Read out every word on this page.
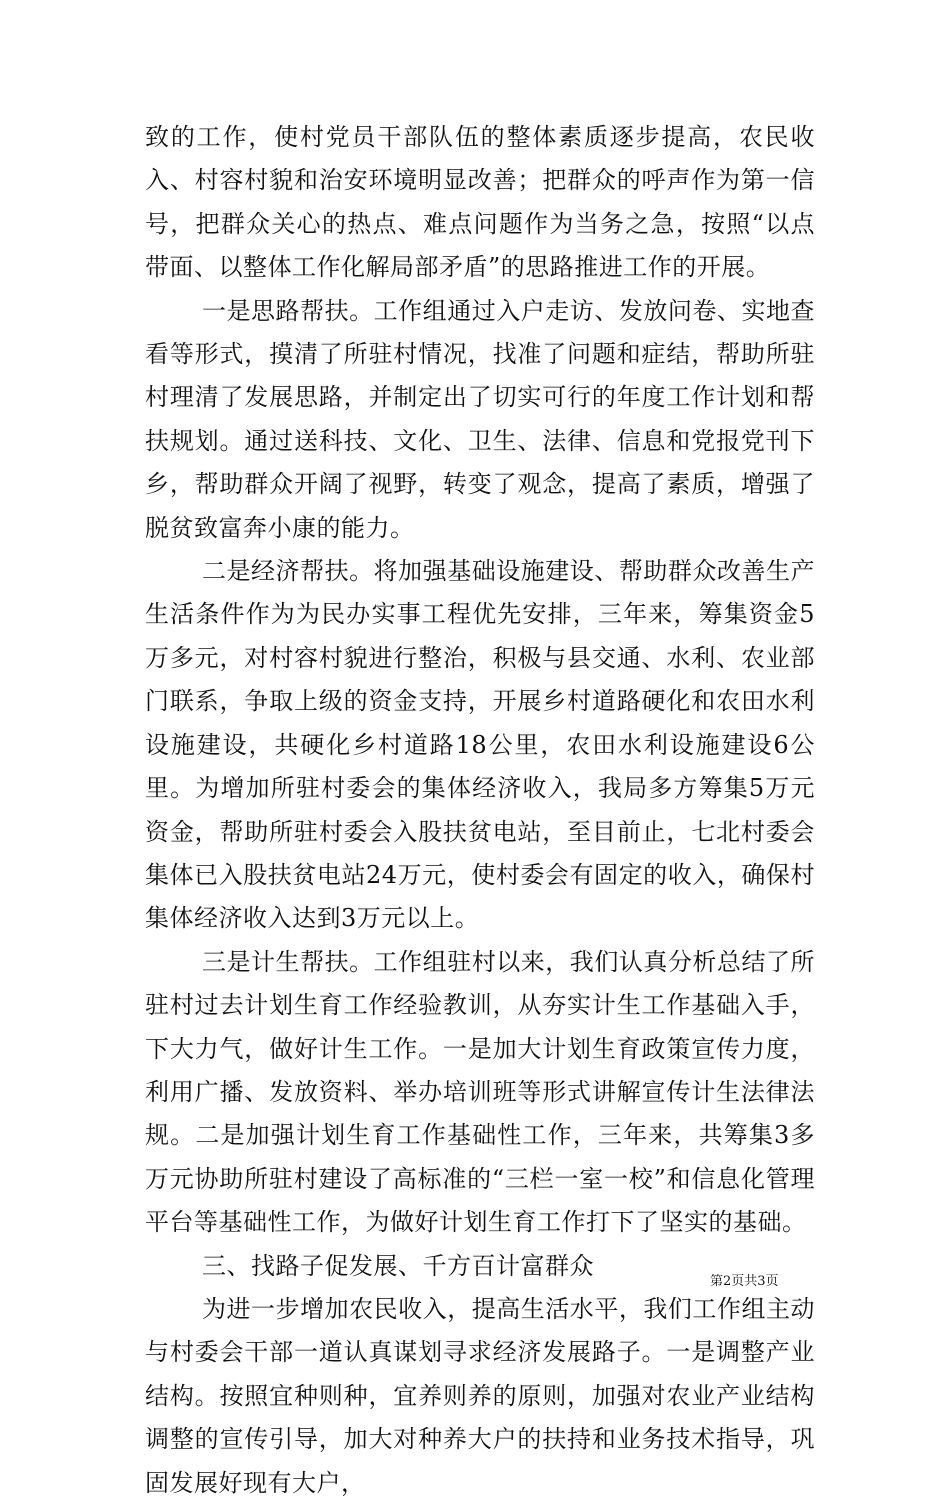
致的工作，使村党员干部队伍的整体素质逐步提高，农民收入、村容村貌和治安环境明显改善；把群众的呼声作为第一信号，把群众关心的热点、难点问题作为当务之急，按照“以点带面、以整体工作化解局部矛盾”的思路推进工作的开展。

一是思路帮扶。工作组通过入户走访、发放问卷、实地查看等形式，摸清了所驻村情况，找准了问题和症结，帮助所驻村理清了发展思路，并制定出了切实可行的年度工作计划和帮扶规划。通过送科技、文化、卫生、法律、信息和党报党刊下乡，帮助群众开阔了视野，转变了观念，提高了素质，增强了脱贫致富奔小康的能力。

二是经济帮扶。将加强基础设施建设、帮助群众改善生产生活条件作为为民办实事工程优先安排，三年来，筹集资金5万多元，对村容村貌进行整治，积极与县交通、水利、农业部门联系，争取上级的资金支持，开展乡村道路硬化和农田水利设施建设，共硬化乡村道路18公里，农田水利设施建设6公里。为增加所驻村委会的集体经济收入，我局多方筹集5万元资金，帮助所驻村委会入股扶贫电站，至目前止，七北村委会集体已入股扶贫电站24万元，使村委会有固定的收入，确保村集体经济收入达到3万元以上。

三是计生帮扶。工作组驻村以来，我们认真分析总结了所驻村过去计划生育工作经验教训，从夯实计生工作基础入手，下大力气，做好计生工作。一是加大计划生育政策宣传力度，利用广播、发放资料、举办培训班等形式讲解宣传计生法律法规。二是加强计划生育工作基础性工作，三年来，共筹集3多万元协助所驻村建设了高标准的“三栏一室一校”和信息化管理平台等基础性工作，为做好计划生育工作打下了坚实的基础。

三、找路子促发展、千方百计富群众

为进一步增加农民收入，提高生活水平，我们工作组主动与村委会干部一道认真谋划寻求经济发展路子。一是调整产业结构。按照宜种则种，宜养则养的原则，加强对农业产业结构调整的宣传引导，加大对种养大户的扶持和业务技术指导，巩固发展好现有大户，

第2页共3页
